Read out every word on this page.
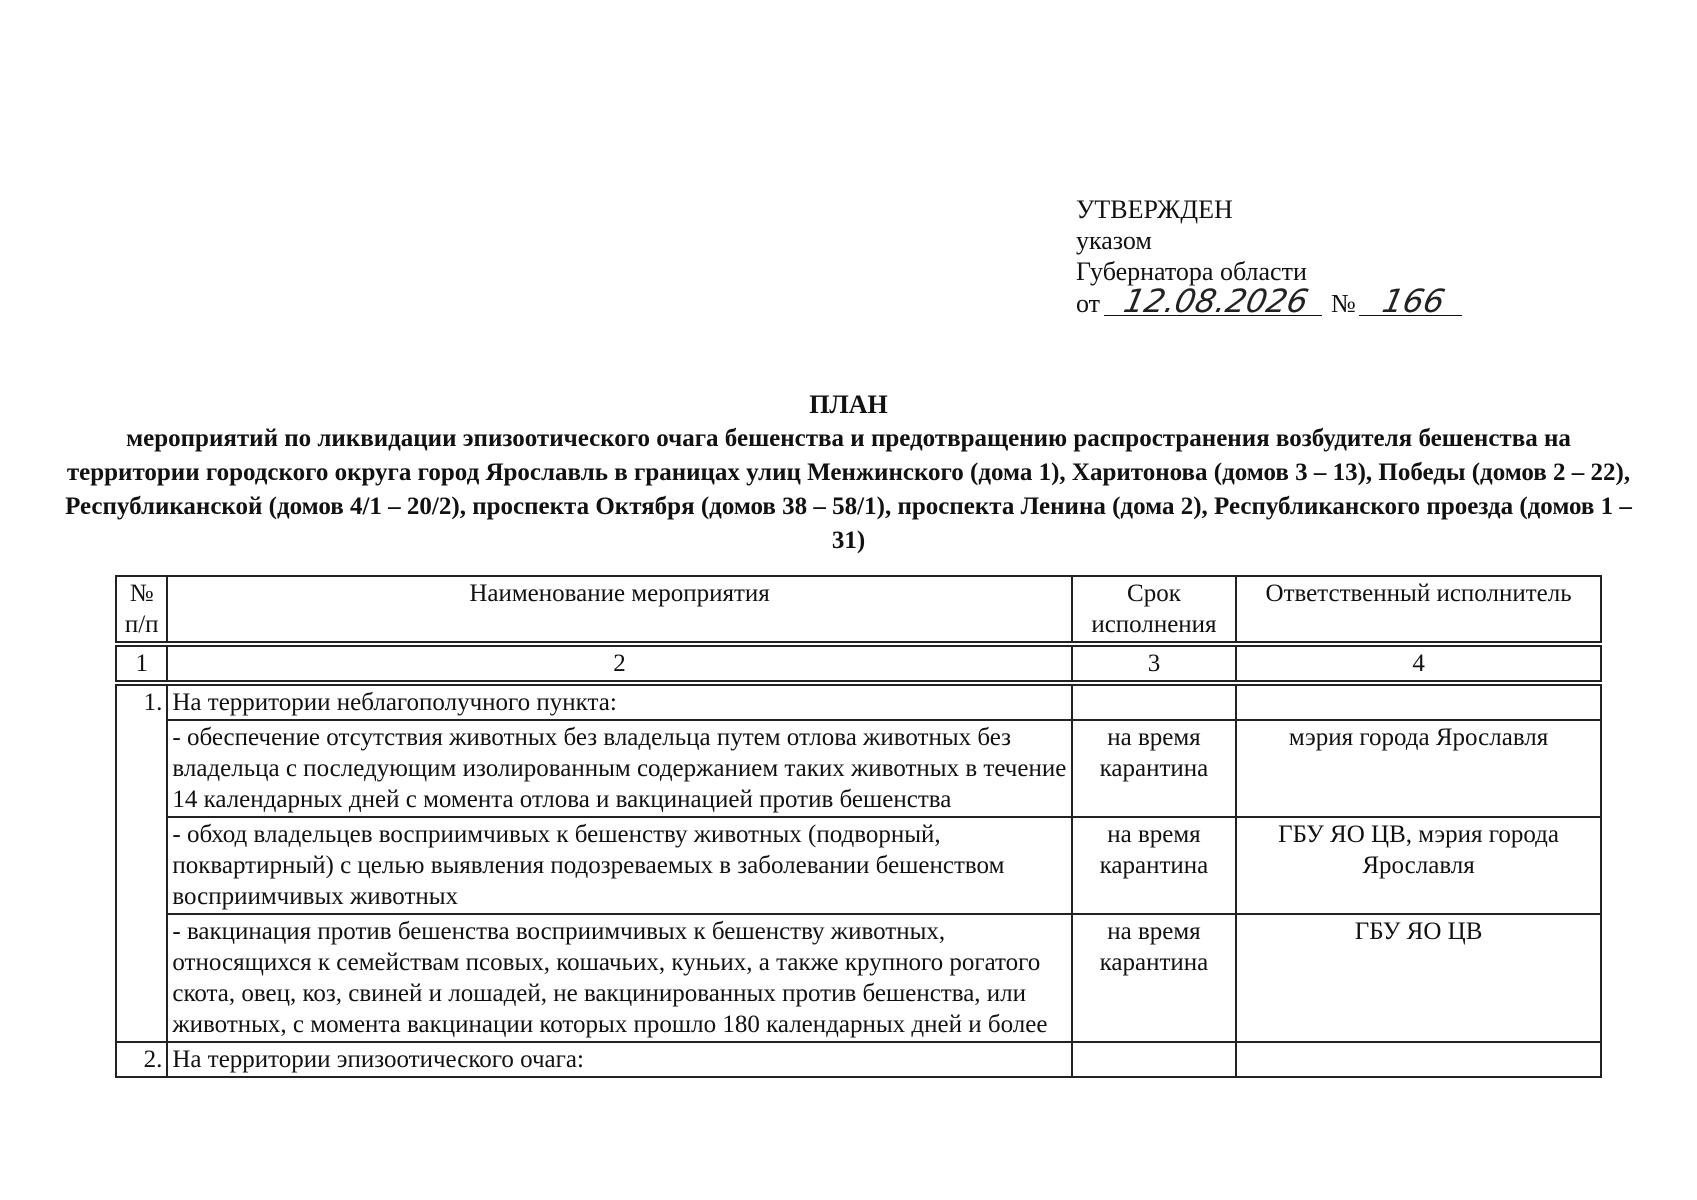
УТВЕРЖДЕН
указом
Губернатора области
от 12.08.2026 № 166
ПЛАН
мероприятий по ликвидации эпизоотического очага бешенства и предотвращению распространения возбудителя бешенства на территории городского округа город Ярославль в границах улиц Менжинского (дома 1), Харитонова (домов 3 – 13), Победы (домов 2 – 22), Республиканской (домов 4/1 – 20/2), проспекта Октября (домов 38 – 58/1), проспекта Ленина (дома 2), Республиканского проезда (домов 1 – 31)
№ п/п	Наименование мероприятия	Срок исполнения	Ответственный исполнитель

1	2	3	4

1.	На территории неблагополучного пункта:		
	- обеспечение отсутствия животных без владельца путем отлова животных без владельца с последующим изолированным содержанием таких животных в течение 14 календарных дней с момента отлова и вакцинацией против бешенства	на время карантина	мэрия города Ярославля
	- обход владельцев восприимчивых к бешенству животных (подворный, поквартирный) с целью выявления подозреваемых в заболевании бешенством восприимчивых животных	на время карантина	ГБУ ЯО ЦВ, мэрия города Ярославля
	- вакцинация против бешенства восприимчивых к бешенству животных, относящихся к семействам псовых, кошачьих, куньих, а также крупного рогатого скота, овец, коз, свиней и лошадей, не вакцинированных против бешенства, или животных, с момента вакцинации которых прошло 180 календарных дней и более	на время карантина	ГБУ ЯО ЦВ
2.	На территории эпизоотического очага:		
